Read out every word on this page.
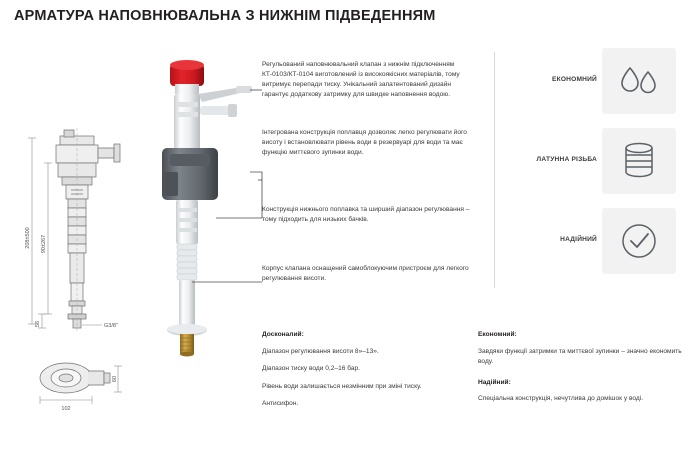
АРМАТУРА НАПОВНЮВАЛЬНА З НИЖНІМ ПІДВЕДЕННЯМ
208±500 90±267
56	G3/8"
102
60
Регульований наповнювальний клапан з нижнім підключенням КТ-0103/КТ-0104 виготовлений із високоякісних матеріалів, тому витримує перепади тиску. Унікальний запатентований дизайн гарантує додаткову затримку для швидке наповнення водою.
Інтегрована конструкція поплавця дозволяє легко регулювати його висоту і встановлювати рівень води в резервуарі для води та має функцію миттєвого зупинки води.
Конструкція нижнього поплавка та ширший діапазон регулювання – тому підходить для низьких бачків.
Корпус клапана оснащений самоблокуючим пристроєм для легкого регулювання висоти.
ЕКОНОМНИЙ
ЛАТУННА РІЗЬБА
НАДІЙНИЙ
Досконалий:
Діапазон регулювання висоти 8»–13».
Діапазон тиску води 0,2–16 бар.
Рівень води залишається незмінним при зміні тиску.
Антисифон.
Економний:
Завдяки функції затримки та миттєвої зупинки – значно економить воду.
Надійний:
Спеціальна конструкція, нечутлива до домішок у воді.
